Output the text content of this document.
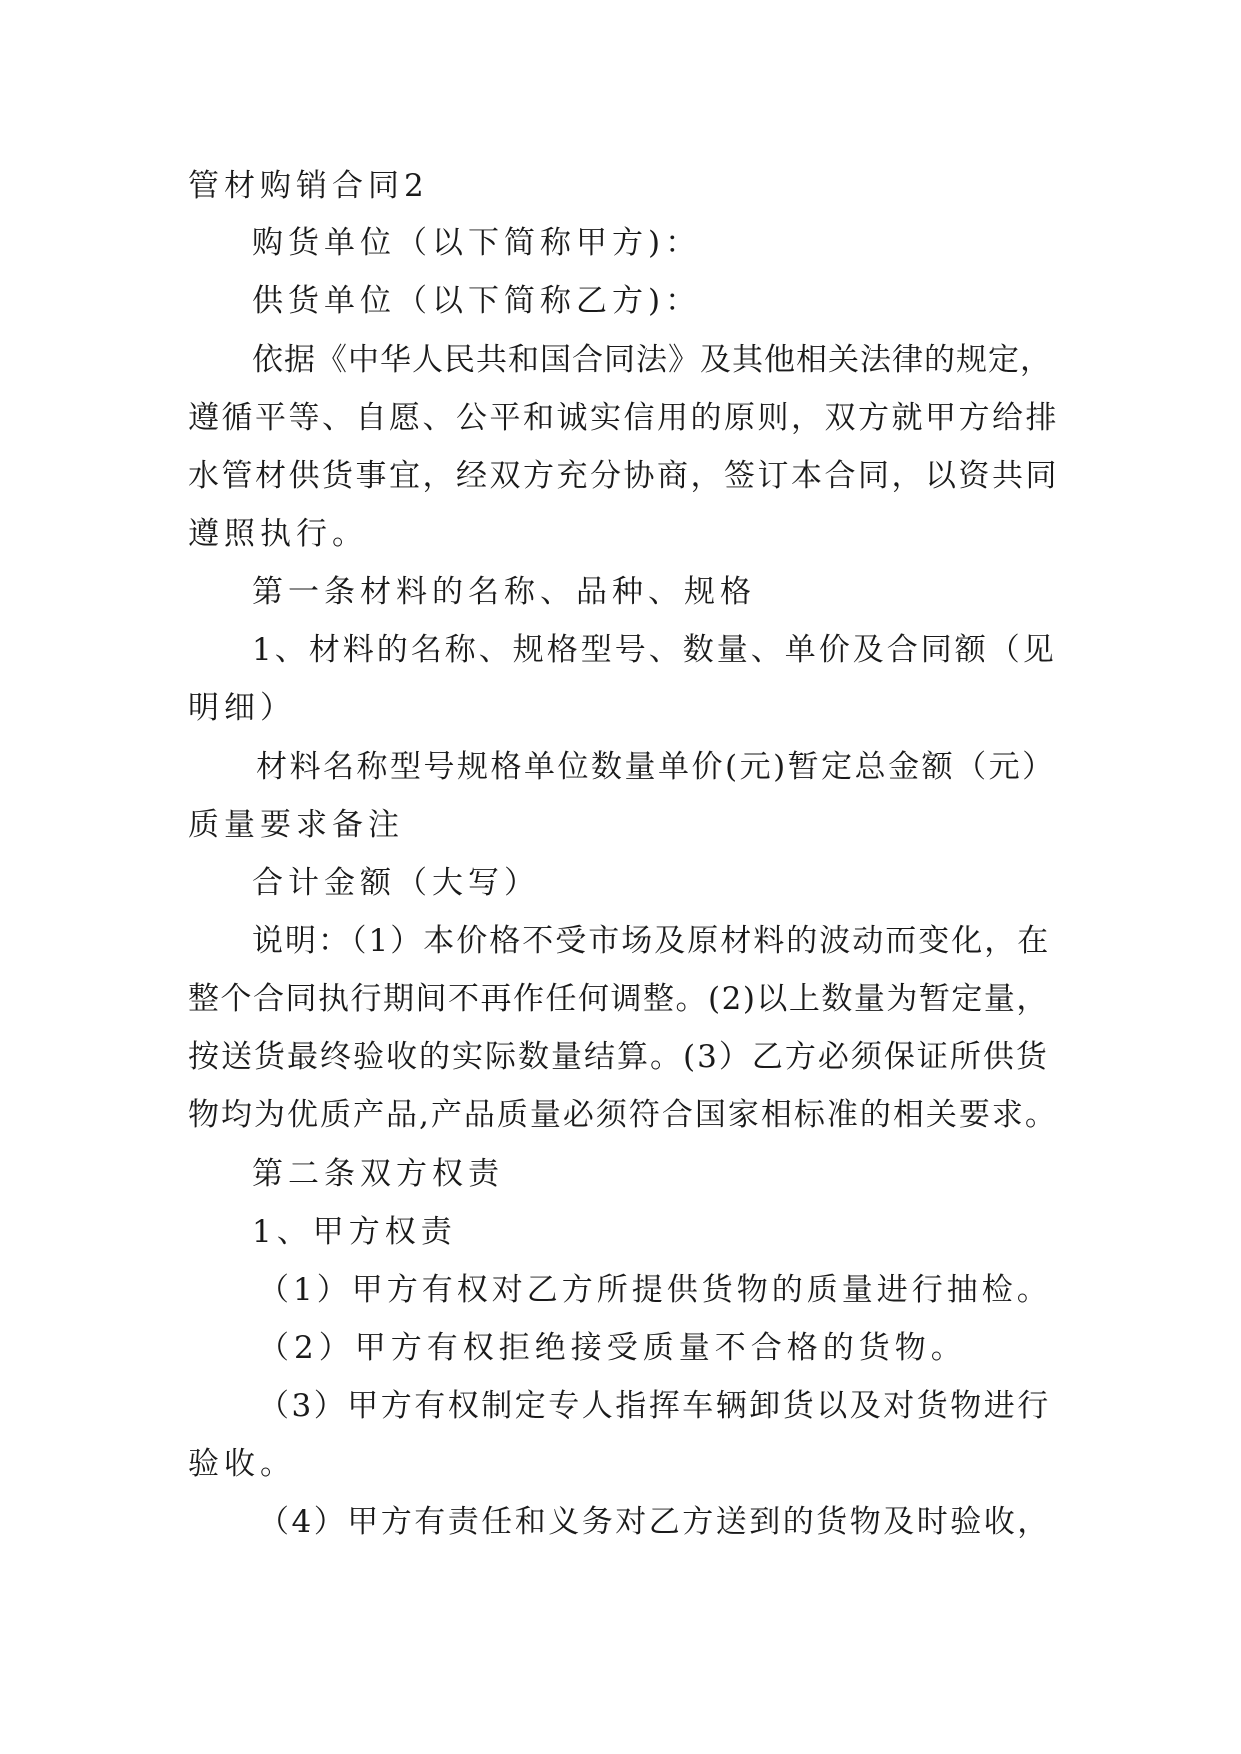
管材购销合同2
购货单位（以下简称甲方)：
供货单位（以下简称乙方)：
依据《中华人民共和国合同法》及其他相关法律的规定，
遵循平等、自愿、公平和诚实信用的原则，双方就甲方给排
水管材供货事宜，经双方充分协商，签订本合同，以资共同
遵照执行。
第一条材料的名称、品种、规格
1、材料的名称、规格型号、数量、单价及合同额（见
明细）
材料名称型号规格单位数量单价(元)暂定总金额（元）
质量要求备注
合计金额（大写）
说明：（1）本价格不受市场及原材料的波动而变化，在
整个合同执行期间不再作任何调整。(2)以上数量为暂定量，
按送货最终验收的实际数量结算。(3）乙方必须保证所供货
物均为优质产品,产品质量必须符合国家相标准的相关要求。
第二条双方权责
1、甲方权责
（1）甲方有权对乙方所提供货物的质量进行抽检。
（2）甲方有权拒绝接受质量不合格的货物。
（3）甲方有权制定专人指挥车辆卸货以及对货物进行
验收。
（4）甲方有责任和义务对乙方送到的货物及时验收，
